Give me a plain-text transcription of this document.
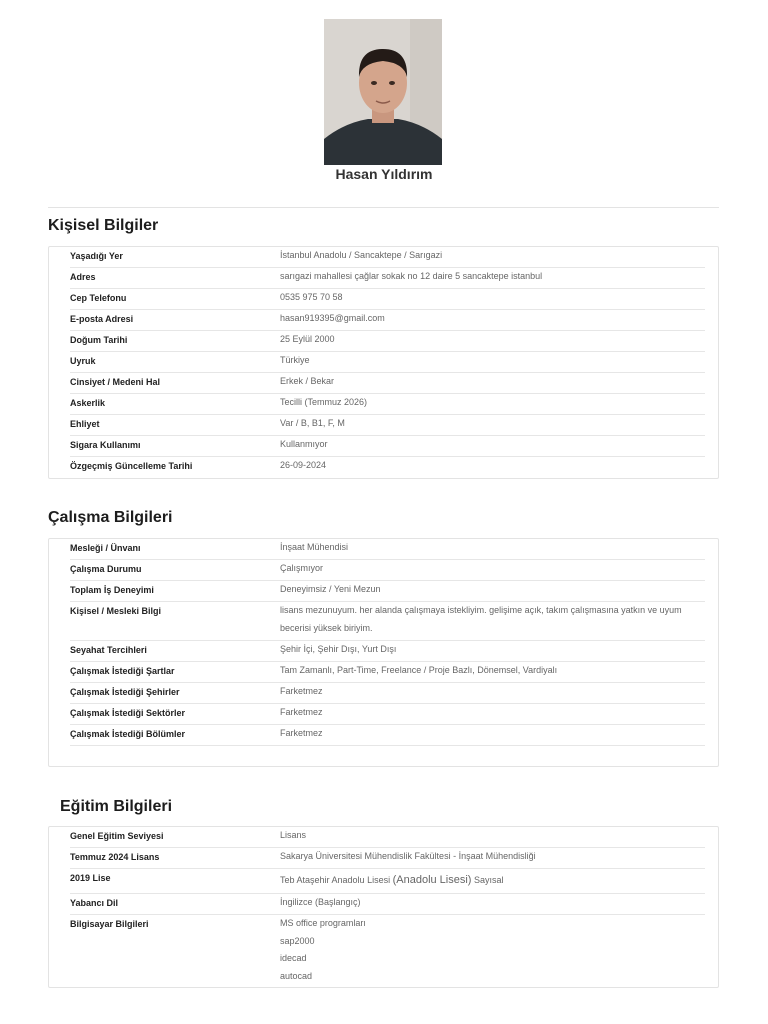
Hasan Yıldırım
Kişisel Bilgiler
Yaşadığı Yer	İstanbul Anadolu / Sancaktepe / Sarıgazi
Adres	sarıgazi mahallesi çağlar sokak no 12 daire 5 sancaktepe istanbul
Cep Telefonu	0535 975 70 58
E-posta Adresi	hasan919395@gmail.com
Doğum Tarihi	25 Eylül 2000
Uyruk	Türkiye
Cinsiyet / Medeni Hal	Erkek / Bekar
Askerlik	Tecilli (Temmuz 2026)
Ehliyet	Var / B, B1, F, M
Sigara Kullanımı	Kullanmıyor
Özgeçmiş Güncelleme Tarihi	26-09-2024
Çalışma Bilgileri
Mesleği / Ünvanı	İnşaat Mühendisi
Çalışma Durumu	Çalışmıyor
Toplam İş Deneyimi	Deneyimsiz / Yeni Mezun
Kişisel / Mesleki Bilgi	lisans mezunuyum. her alanda çalışmaya istekliyim. gelişime açık, takım çalışmasına yatkın ve uyum becerisi yüksek biriyim.
Seyahat Tercihleri	Şehir İçi, Şehir Dışı, Yurt Dışı
Çalışmak İstediği Şartlar	Tam Zamanlı, Part-Time, Freelance / Proje Bazlı, Dönemsel, Vardiyalı
Çalışmak İstediği Şehirler	Farketmez
Çalışmak İstediği Sektörler	Farketmez
Çalışmak İstediği Bölümler	Farketmez
Eğitim Bilgileri
Genel Eğitim Seviyesi	Lisans
Temmuz 2024 Lisans	Sakarya Üniversitesi Mühendislik Fakültesi - İnşaat Mühendisliği
2019 Lise	Teb Ataşehir Anadolu Lisesi (Anadolu Lisesi) Sayısal
Yabancı Dil	İngilizce (Başlangıç)
Bilgisayar Bilgileri	MS office programları
sap2000
idecad
autocad
